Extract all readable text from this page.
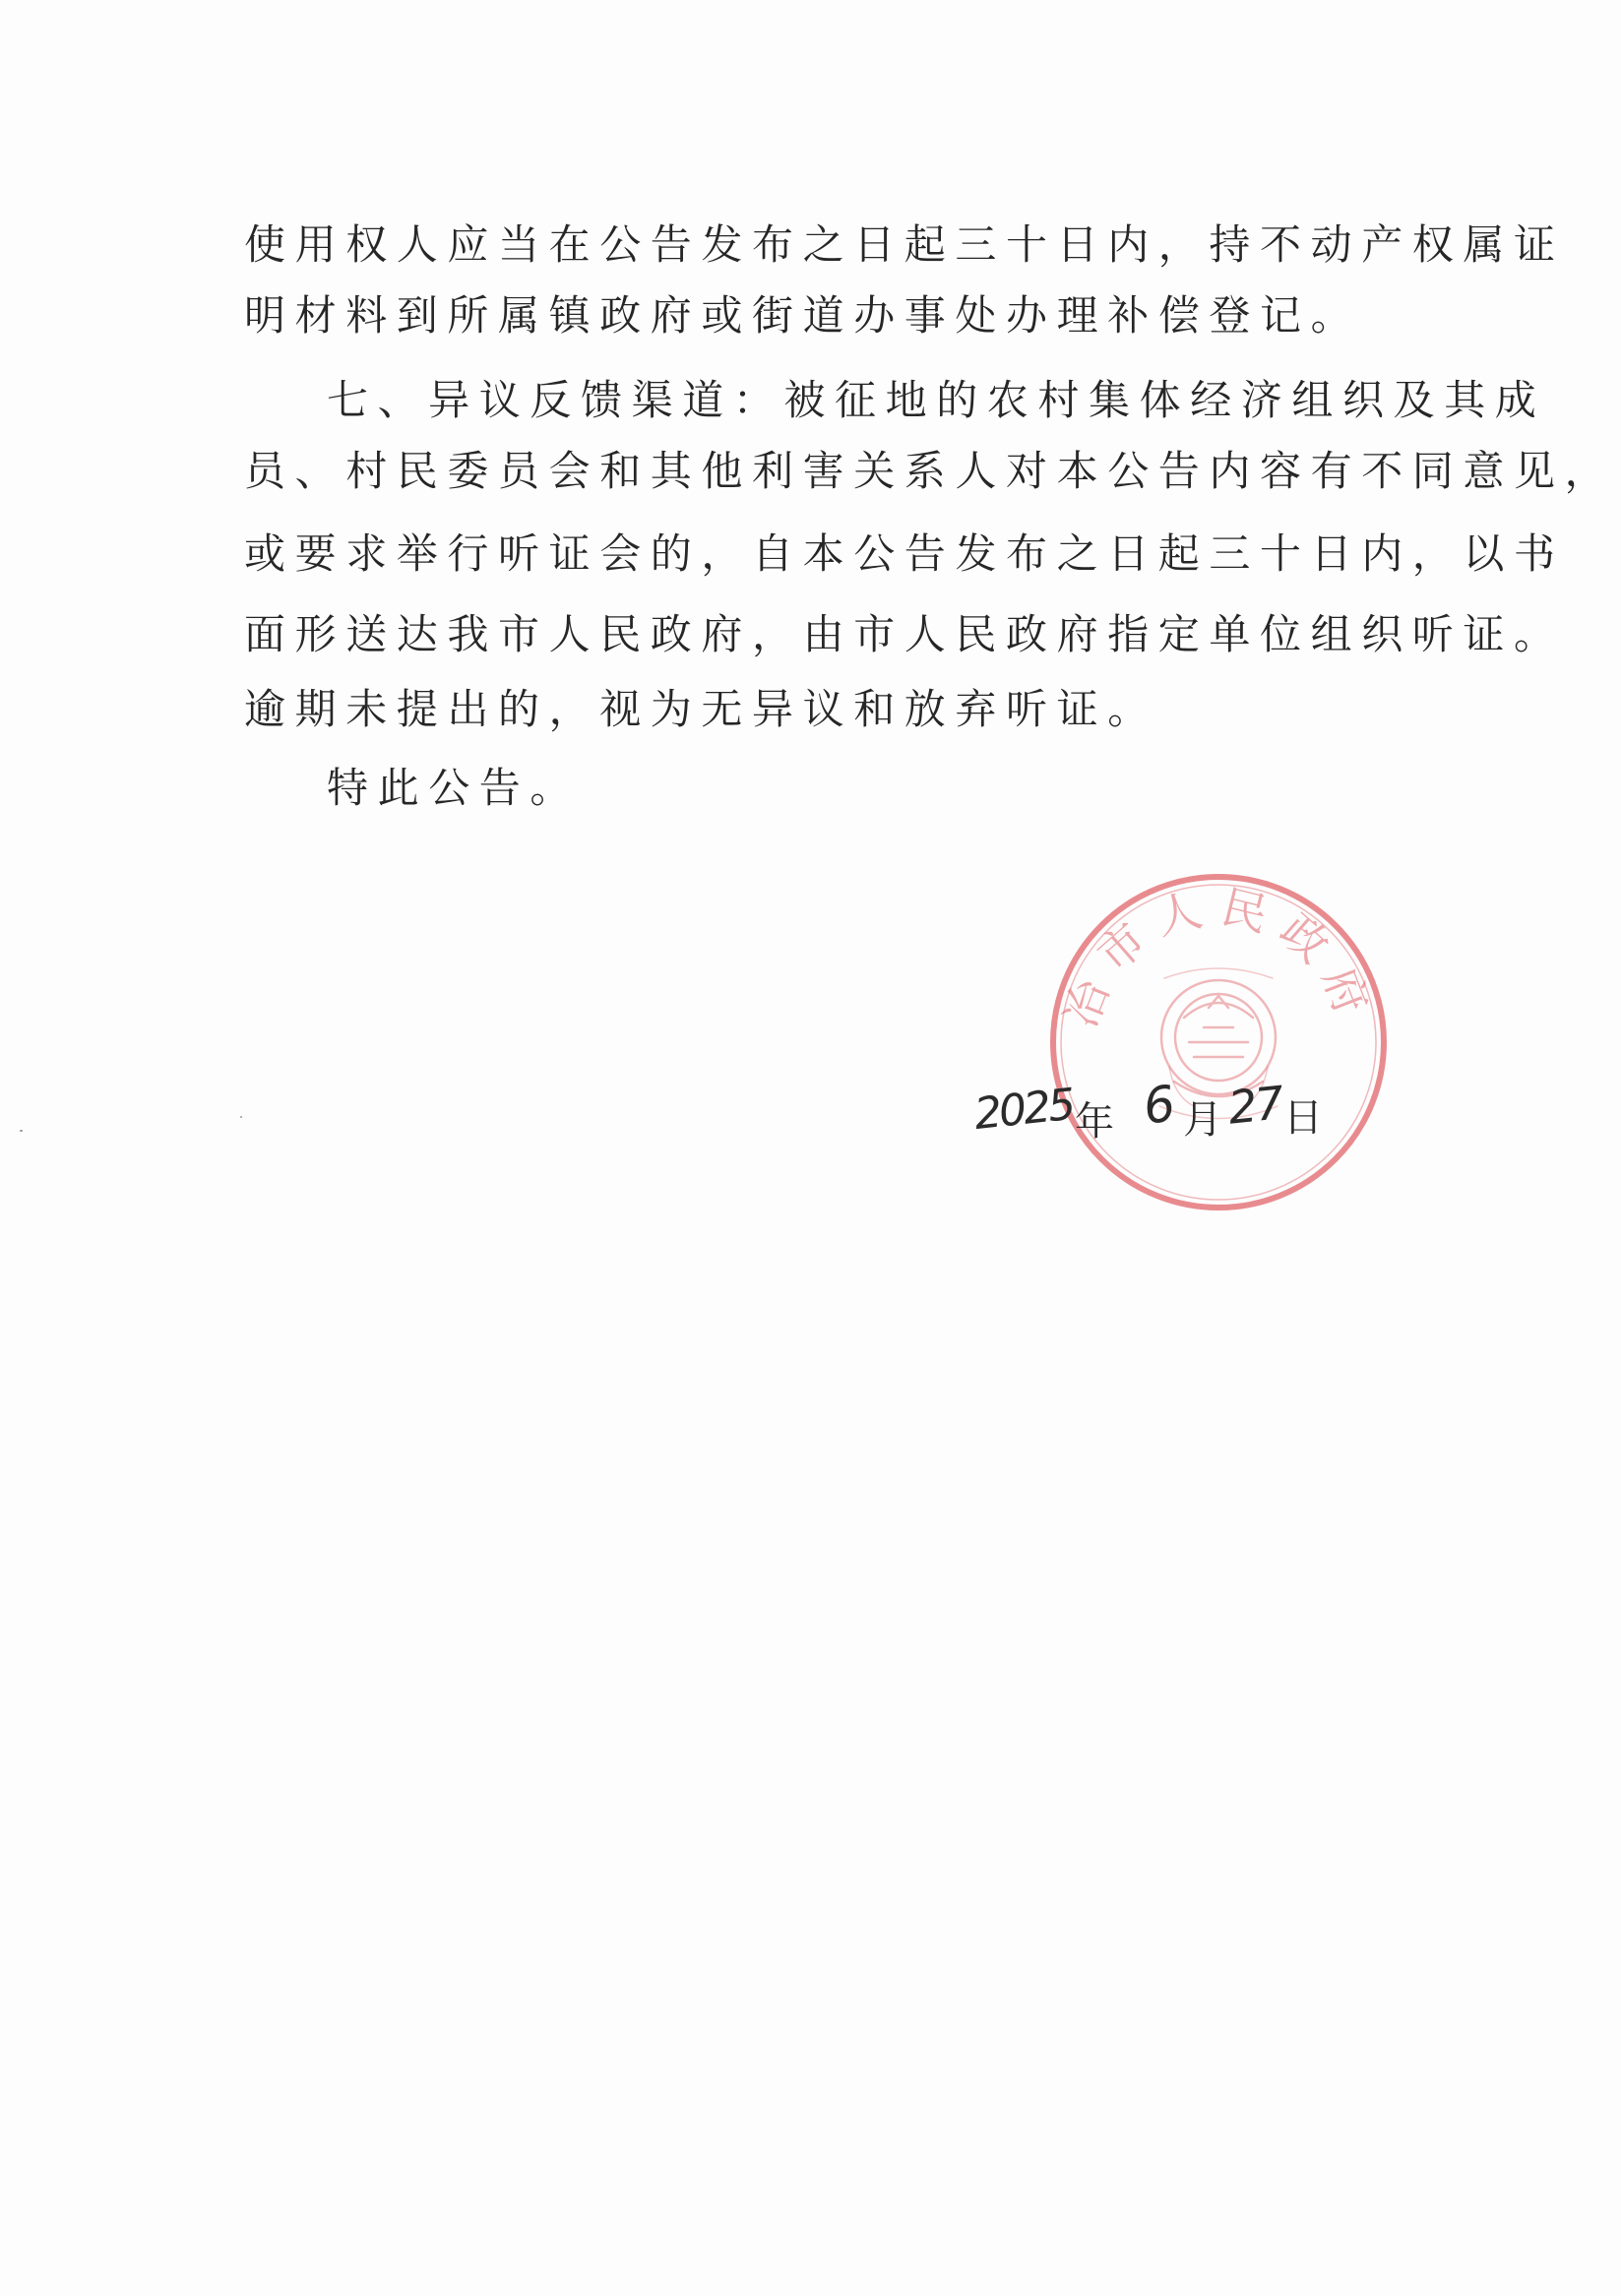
使用权人应当在公告发布之日起三十日内，持不动产权属证
明材料到所属镇政府或街道办事处办理补偿登记。
七、异议反馈渠道：被征地的农村集体经济组织及其成
员、村民委员会和其他利害关系人对本公告内容有不同意见，
或要求举行听证会的，自本公告发布之日起三十日内，以书
面形送达我市人民政府，由市人民政府指定单位组织听证。
逾期未提出的，视为无异议和放弃听证。
特此公告。
冶市人民政府
2025 年 6 月 27
日
